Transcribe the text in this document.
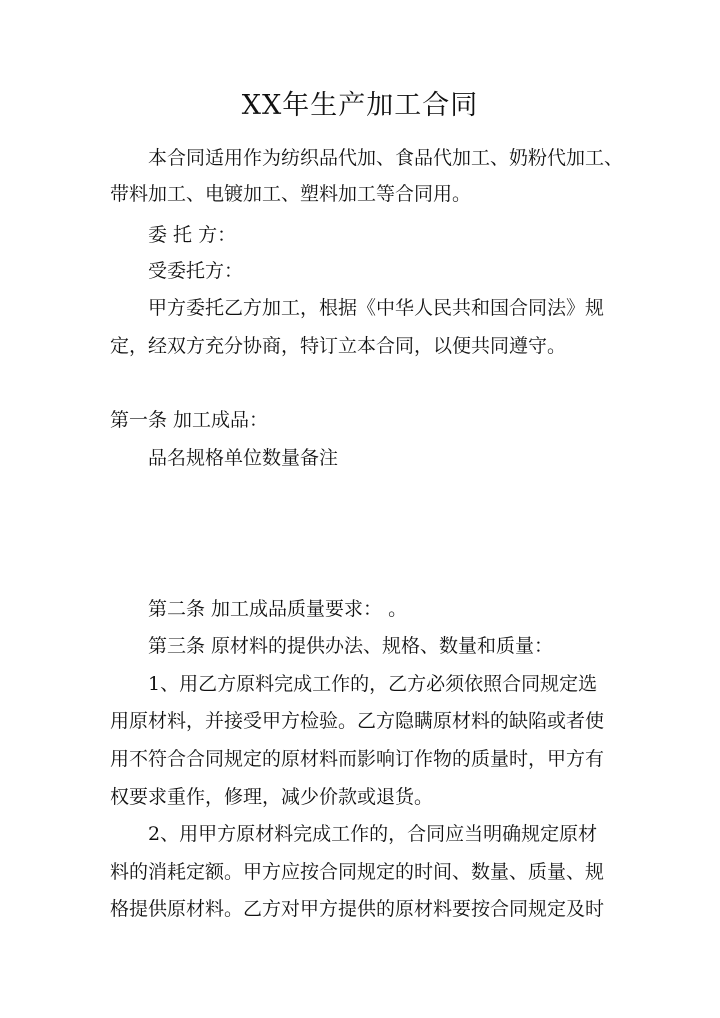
XX年生产加工合同
本合同适用作为纺织品代加、食品代加工、奶粉代加工、
带料加工、电镀加工、塑料加工等合同用。
委 托 方：
受委托方：
甲方委托乙方加工，根据《中华人民共和国合同法》规
定，经双方充分协商，特订立本合同，以便共同遵守。
第一条 加工成品：
品名规格单位数量备注
第二条 加工成品质量要求： 。
第三条 原材料的提供办法、规格、数量和质量：
1、用乙方原料完成工作的，乙方必须依照合同规定选
用原材料，并接受甲方检验。乙方隐瞒原材料的缺陷或者使
用不符合合同规定的原材料而影响订作物的质量时，甲方有
权要求重作，修理，减少价款或退货。
2、用甲方原材料完成工作的，合同应当明确规定原材
料的消耗定额。甲方应按合同规定的时间、数量、质量、规
格提供原材料。乙方对甲方提供的原材料要按合同规定及时
